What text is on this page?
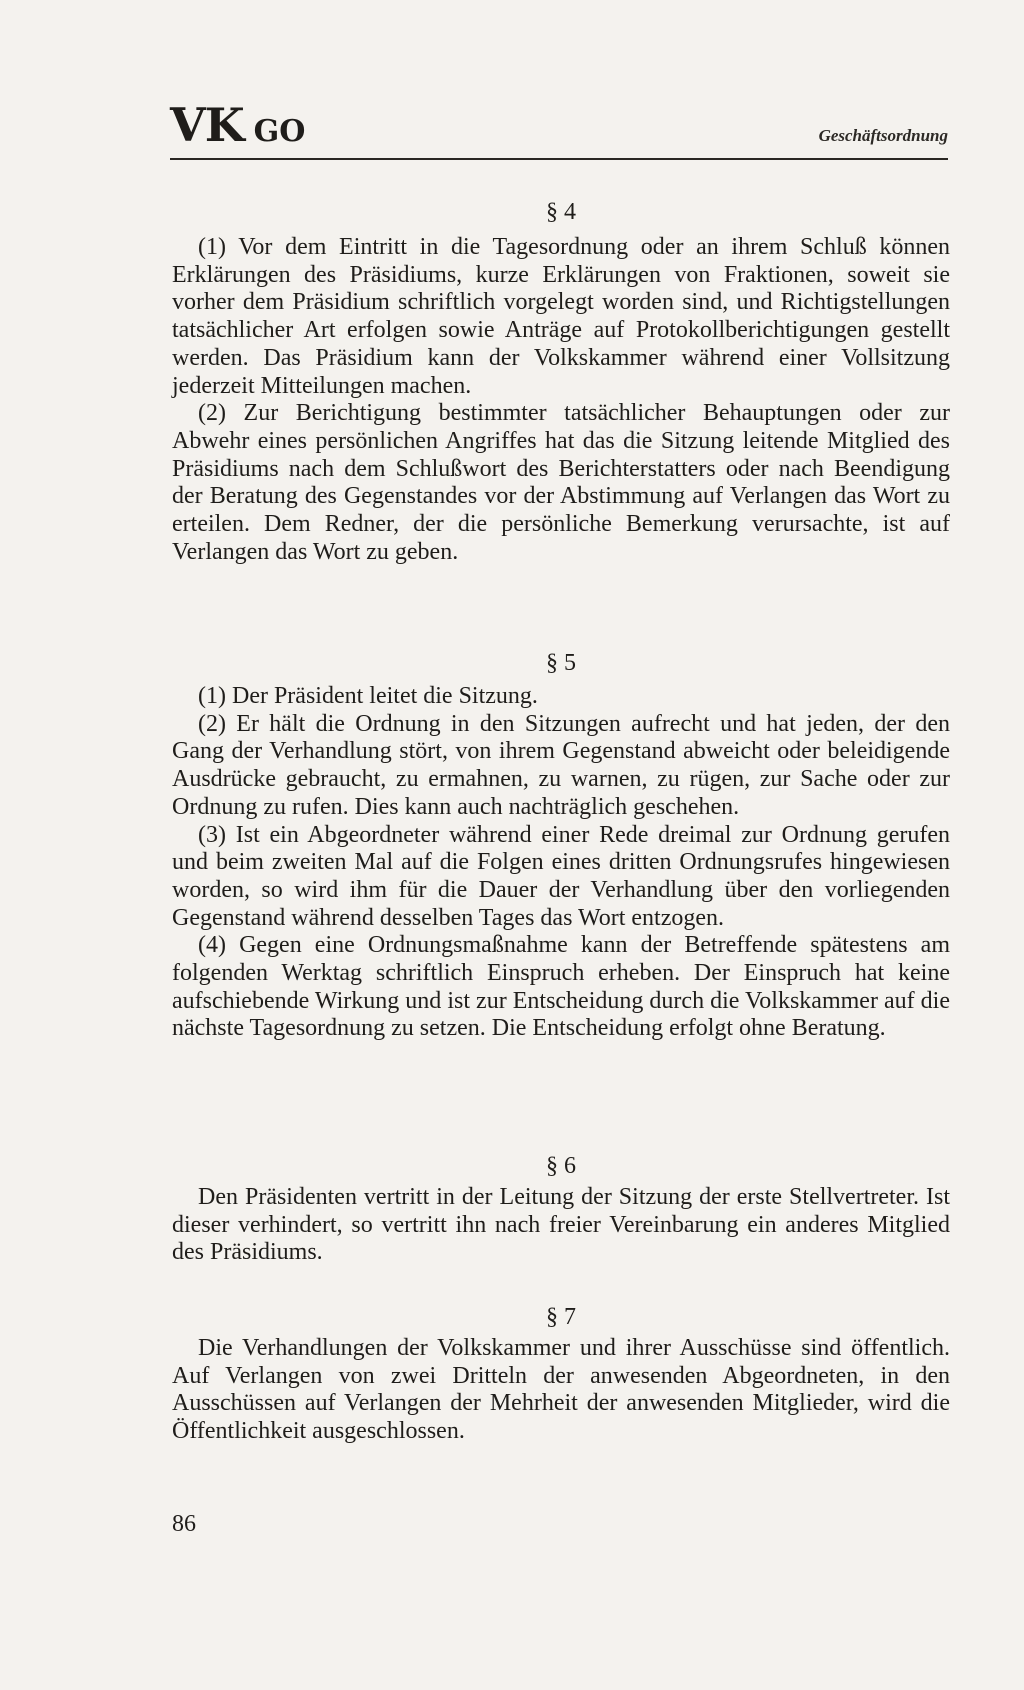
VK GO	Geschäftsordnung
§ 4

(1) Vor dem Eintritt in die Tagesordnung oder an ihrem Schluß können Erklärungen des Präsidiums, kurze Erklärungen von Fraktionen, soweit sie vorher dem Präsidium schriftlich vorgelegt worden sind, und Richtigstellungen tatsächlicher Art erfolgen sowie Anträge auf Protokollberichtigungen gestellt werden. Das Präsidium kann der Volkskammer während einer Vollsitzung jederzeit Mitteilungen machen.

(2) Zur Berichtigung bestimmter tatsächlicher Behauptungen oder zur Abwehr eines persönlichen Angriffes hat das die Sitzung leitende Mitglied des Präsidiums nach dem Schlußwort des Berichterstatters oder nach Beendigung der Beratung des Gegenstandes vor der Abstimmung auf Verlangen das Wort zu erteilen. Dem Redner, der die persönliche Bemerkung verursachte, ist auf Verlangen das Wort zu geben.

§ 5

(1) Der Präsident leitet die Sitzung.

(2) Er hält die Ordnung in den Sitzungen aufrecht und hat jeden, der den Gang der Verhandlung stört, von ihrem Gegenstand abweicht oder beleidigende Ausdrücke gebraucht, zu ermahnen, zu warnen, zu rügen, zur Sache oder zur Ordnung zu rufen. Dies kann auch nachträglich geschehen.

(3) Ist ein Abgeordneter während einer Rede dreimal zur Ordnung gerufen und beim zweiten Mal auf die Folgen eines dritten Ordnungsrufes hingewiesen worden, so wird ihm für die Dauer der Verhandlung über den vorliegenden Gegenstand während desselben Tages das Wort entzogen.

(4) Gegen eine Ordnungsmaßnahme kann der Betreffende spätestens am folgenden Werktag schriftlich Einspruch erheben. Der Einspruch hat keine aufschiebende Wirkung und ist zur Entscheidung durch die Volkskammer auf die nächste Tagesordnung zu setzen. Die Entscheidung erfolgt ohne Beratung.

§ 6

Den Präsidenten vertritt in der Leitung der Sitzung der erste Stellvertreter. Ist dieser verhindert, so vertritt ihn nach freier Vereinbarung ein anderes Mitglied des Präsidiums.

§ 7

Die Verhandlungen der Volkskammer und ihrer Ausschüsse sind öffentlich. Auf Verlangen von zwei Dritteln der anwesenden Abgeordneten, in den Ausschüssen auf Verlangen der Mehrheit der anwesenden Mitglieder, wird die Öffentlichkeit ausgeschlossen.

86
